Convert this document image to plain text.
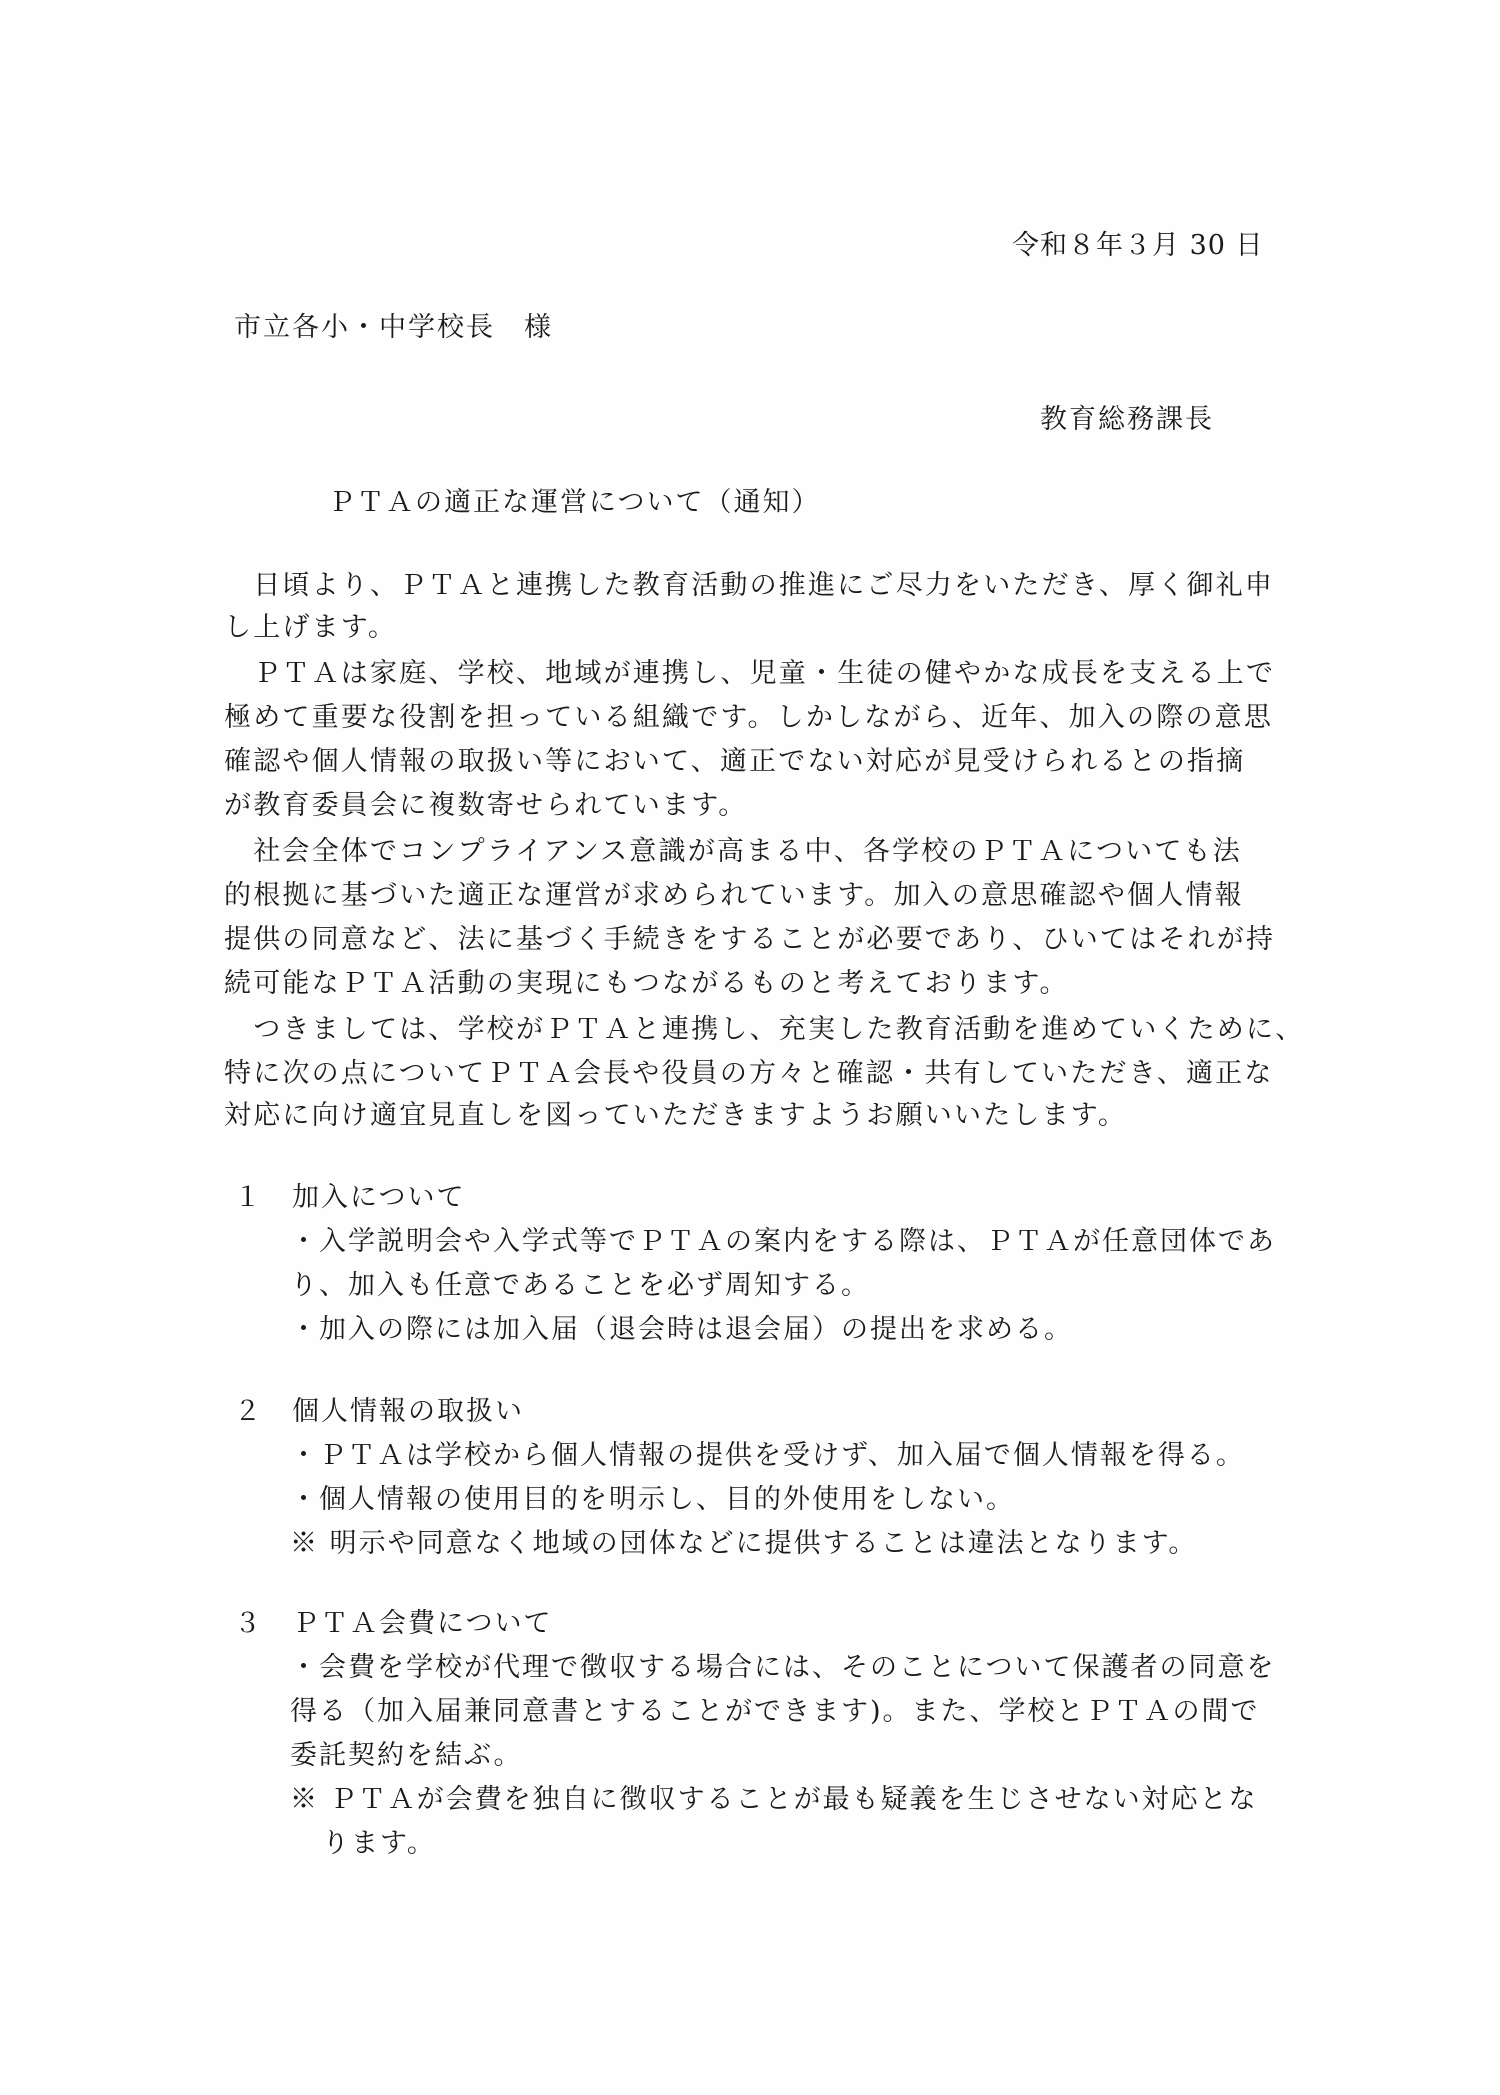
令和８年３月 30 日
市立各小・中学校長　様
教育総務課長
ＰＴＡの適正な運営について（通知）
　日頃より、ＰＴＡと連携した教育活動の推進にご尽力をいただき、厚く御礼申
し上げます。
　ＰＴＡは家庭、学校、地域が連携し、児童・生徒の健やかな成長を支える上で
極めて重要な役割を担っている組織です。しかしながら、近年、加入の際の意思
確認や個人情報の取扱い等において、適正でない対応が見受けられるとの指摘
が教育委員会に複数寄せられています。
　社会全体でコンプライアンス意識が高まる中、各学校のＰＴＡについても法
的根拠に基づいた適正な運営が求められています。加入の意思確認や個人情報
提供の同意など、法に基づく手続きをすることが必要であり、ひいてはそれが持
続可能なＰＴＡ活動の実現にもつながるものと考えております。
　つきましては、学校がＰＴＡと連携し、充実した教育活動を進めていくために、
特に次の点についてＰＴＡ会長や役員の方々と確認・共有していただき、適正な
対応に向け適宜見直しを図っていただきますようお願いいたします。
１　加入について
・入学説明会や入学式等でＰＴＡの案内をする際は、ＰＴＡが任意団体であ
り、加入も任意であることを必ず周知する。
・加入の際には加入届（退会時は退会届）の提出を求める。
２　個人情報の取扱い
・ＰＴＡは学校から個人情報の提供を受けず、加入届で個人情報を得る。
・個人情報の使用目的を明示し、目的外使用をしない。
※ 明示や同意なく地域の団体などに提供することは違法となります。
３　ＰＴＡ会費について
・会費を学校が代理で徴収する場合には、そのことについて保護者の同意を
得る（加入届兼同意書とすることができます)。また、学校とＰＴＡの間で
委託契約を結ぶ。
※ ＰＴＡが会費を独自に徴収することが最も疑義を生じさせない対応とな
ります。
